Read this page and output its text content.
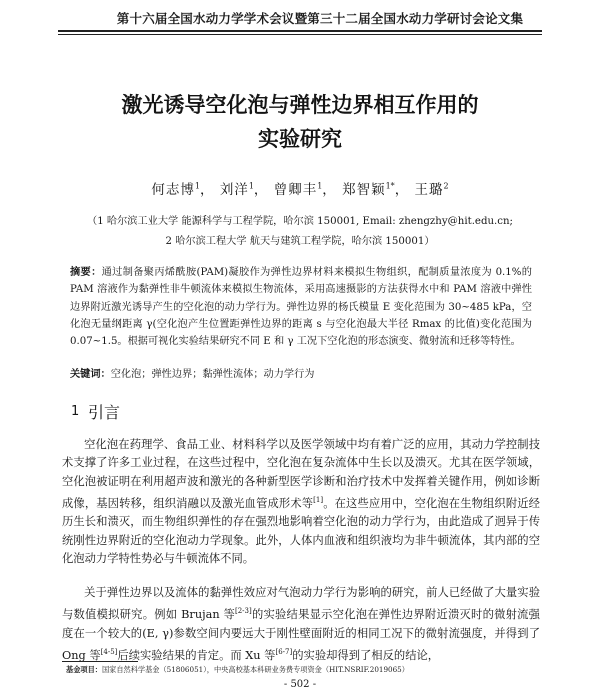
第十六届全国水动力学学术会议暨第三十二届全国水动力学研讨会论文集
激光诱导空化泡与弹性边界相互作用的
实验研究
何志博$^1$， 刘洋$^1$， 曾卿丰$^1$， 郑智颖$^{1*}$， 王璐$^2$
（1 哈尔滨工业大学 能源科学与工程学院，哈尔滨 150001, Email: zhengzhy@hit.edu.cn;
2 哈尔滨工程大学 航天与建筑工程学院，哈尔滨 150001）
摘要：通过制备聚丙烯酰胺(PAM)凝胶作为弹性边界材料来模拟生物组织，配制质量浓度为 0.1%的 PAM 溶液作为黏弹性非牛顿流体来模拟生物流体，采用高速摄影的方法获得水中和 PAM 溶液中弹性边界附近激光诱导产生的空化泡的动力学行为。弹性边界的杨氏模量 E 变化范围为 30~485 kPa，空化泡无量纲距离 γ(空化泡产生位置距弹性边界的距离 s 与空化泡最大半径 Rmax 的比值)变化范围为 0.07~1.5。根据可视化实验结果研究不同 E 和 γ 工况下空化泡的形态演变、微射流和迁移等特性。
关键词：空化泡；弹性边界；黏弹性流体；动力学行为
1 引言
空化泡在药理学、食品工业、材料科学以及医学领域中均有着广泛的应用，其动力学控制技术支撑了许多工业过程，在这些过程中，空化泡在复杂流体中生长以及溃灭。尤其在医学领域，空化泡被证明在利用超声波和激光的各种新型医学诊断和治疗技术中发挥着关键作用，例如诊断成像，基因转移，组织消融以及激光血管成形术等[1]。在这些应用中，空化泡在生物组织附近经历生长和溃灭，而生物组织弹性的存在强烈地影响着空化泡的动力学行为，由此造成了迥异于传统刚性边界附近的空化泡动力学现象。此外，人体内血液和组织液均为非牛顿流体，其内部的空化泡动力学特性势必与牛顿流体不同。
关于弹性边界以及流体的黏弹性效应对气泡动力学行为影响的研究，前人已经做了大量实验与数值模拟研究。例如 Brujan 等[2-3]的实验结果显示空化泡在弹性边界附近溃灭时的微射流强度在一个较大的(E, γ)参数空间内要远大于刚性壁面附近的相同工况下的微射流强度，并得到了 Ong 等[4-5]后续实验结果的肯定。而 Xu 等[6-7]的实验却得到了相反的结论，
基金项目：国家自然科学基金（51806051），中央高校基本科研业务费专项资金（HIT.NSRIF.2019065）
- 502 -
